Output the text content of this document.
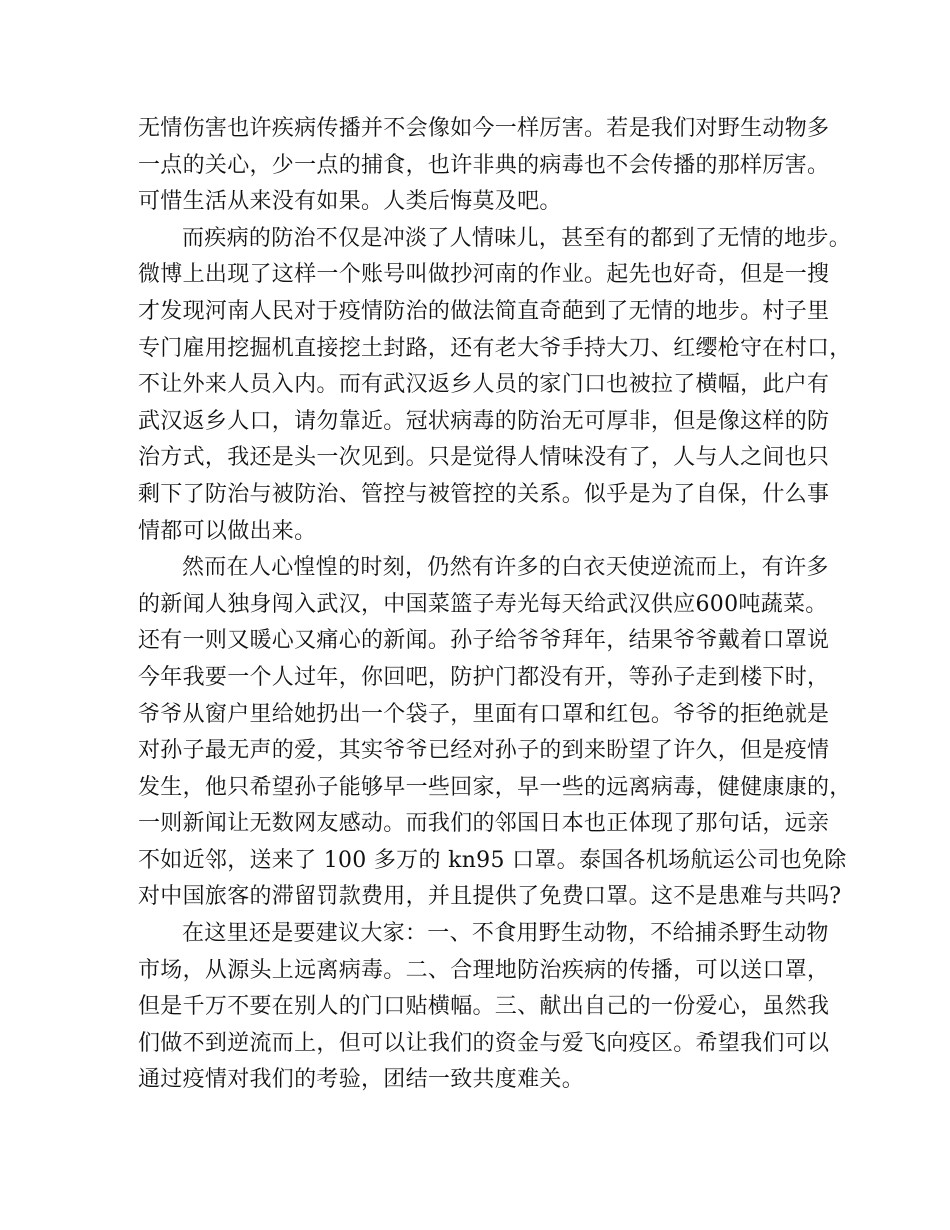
无情伤害也许疾病传播并不会像如今一样厉害。若是我们对野生动物多
一点的关心，少一点的捕食，也许非典的病毒也不会传播的那样厉害。
可惜生活从来没有如果。人类后悔莫及吧。
而疾病的防治不仅是冲淡了人情味儿，甚至有的都到了无情的地步。
微博上出现了这样一个账号叫做抄河南的作业。起先也好奇，但是一搜
才发现河南人民对于疫情防治的做法简直奇葩到了无情的地步。村子里
专门雇用挖掘机直接挖土封路，还有老大爷手持大刀、红缨枪守在村口，
不让外来人员入内。而有武汉返乡人员的家门口也被拉了横幅，此户有
武汉返乡人口，请勿靠近。冠状病毒的防治无可厚非，但是像这样的防
治方式，我还是头一次见到。只是觉得人情味没有了，人与人之间也只
剩下了防治与被防治、管控与被管控的关系。似乎是为了自保，什么事
情都可以做出来。
然而在人心惶惶的时刻，仍然有许多的白衣天使逆流而上，有许多
的新闻人独身闯入武汉，中国菜篮子寿光每天给武汉供应600吨蔬菜。
还有一则又暖心又痛心的新闻。孙子给爷爷拜年，结果爷爷戴着口罩说
今年我要一个人过年，你回吧，防护门都没有开，等孙子走到楼下时，
爷爷从窗户里给她扔出一个袋子，里面有口罩和红包。爷爷的拒绝就是
对孙子最无声的爱，其实爷爷已经对孙子的到来盼望了许久，但是疫情
发生，他只希望孙子能够早一些回家，早一些的远离病毒，健健康康的，
一则新闻让无数网友感动。而我们的邻国日本也正体现了那句话，远亲
不如近邻，送来了 100 多万的 kn95 口罩。泰国各机场航运公司也免除
对中国旅客的滞留罚款费用，并且提供了免费口罩。这不是患难与共吗?
在这里还是要建议大家：一、不食用野生动物，不给捕杀野生动物
市场，从源头上远离病毒。二、合理地防治疾病的传播，可以送口罩，
但是千万不要在别人的门口贴横幅。三、献出自己的一份爱心，虽然我
们做不到逆流而上，但可以让我们的资金与爱飞向疫区。希望我们可以
通过疫情对我们的考验，团结一致共度难关。
